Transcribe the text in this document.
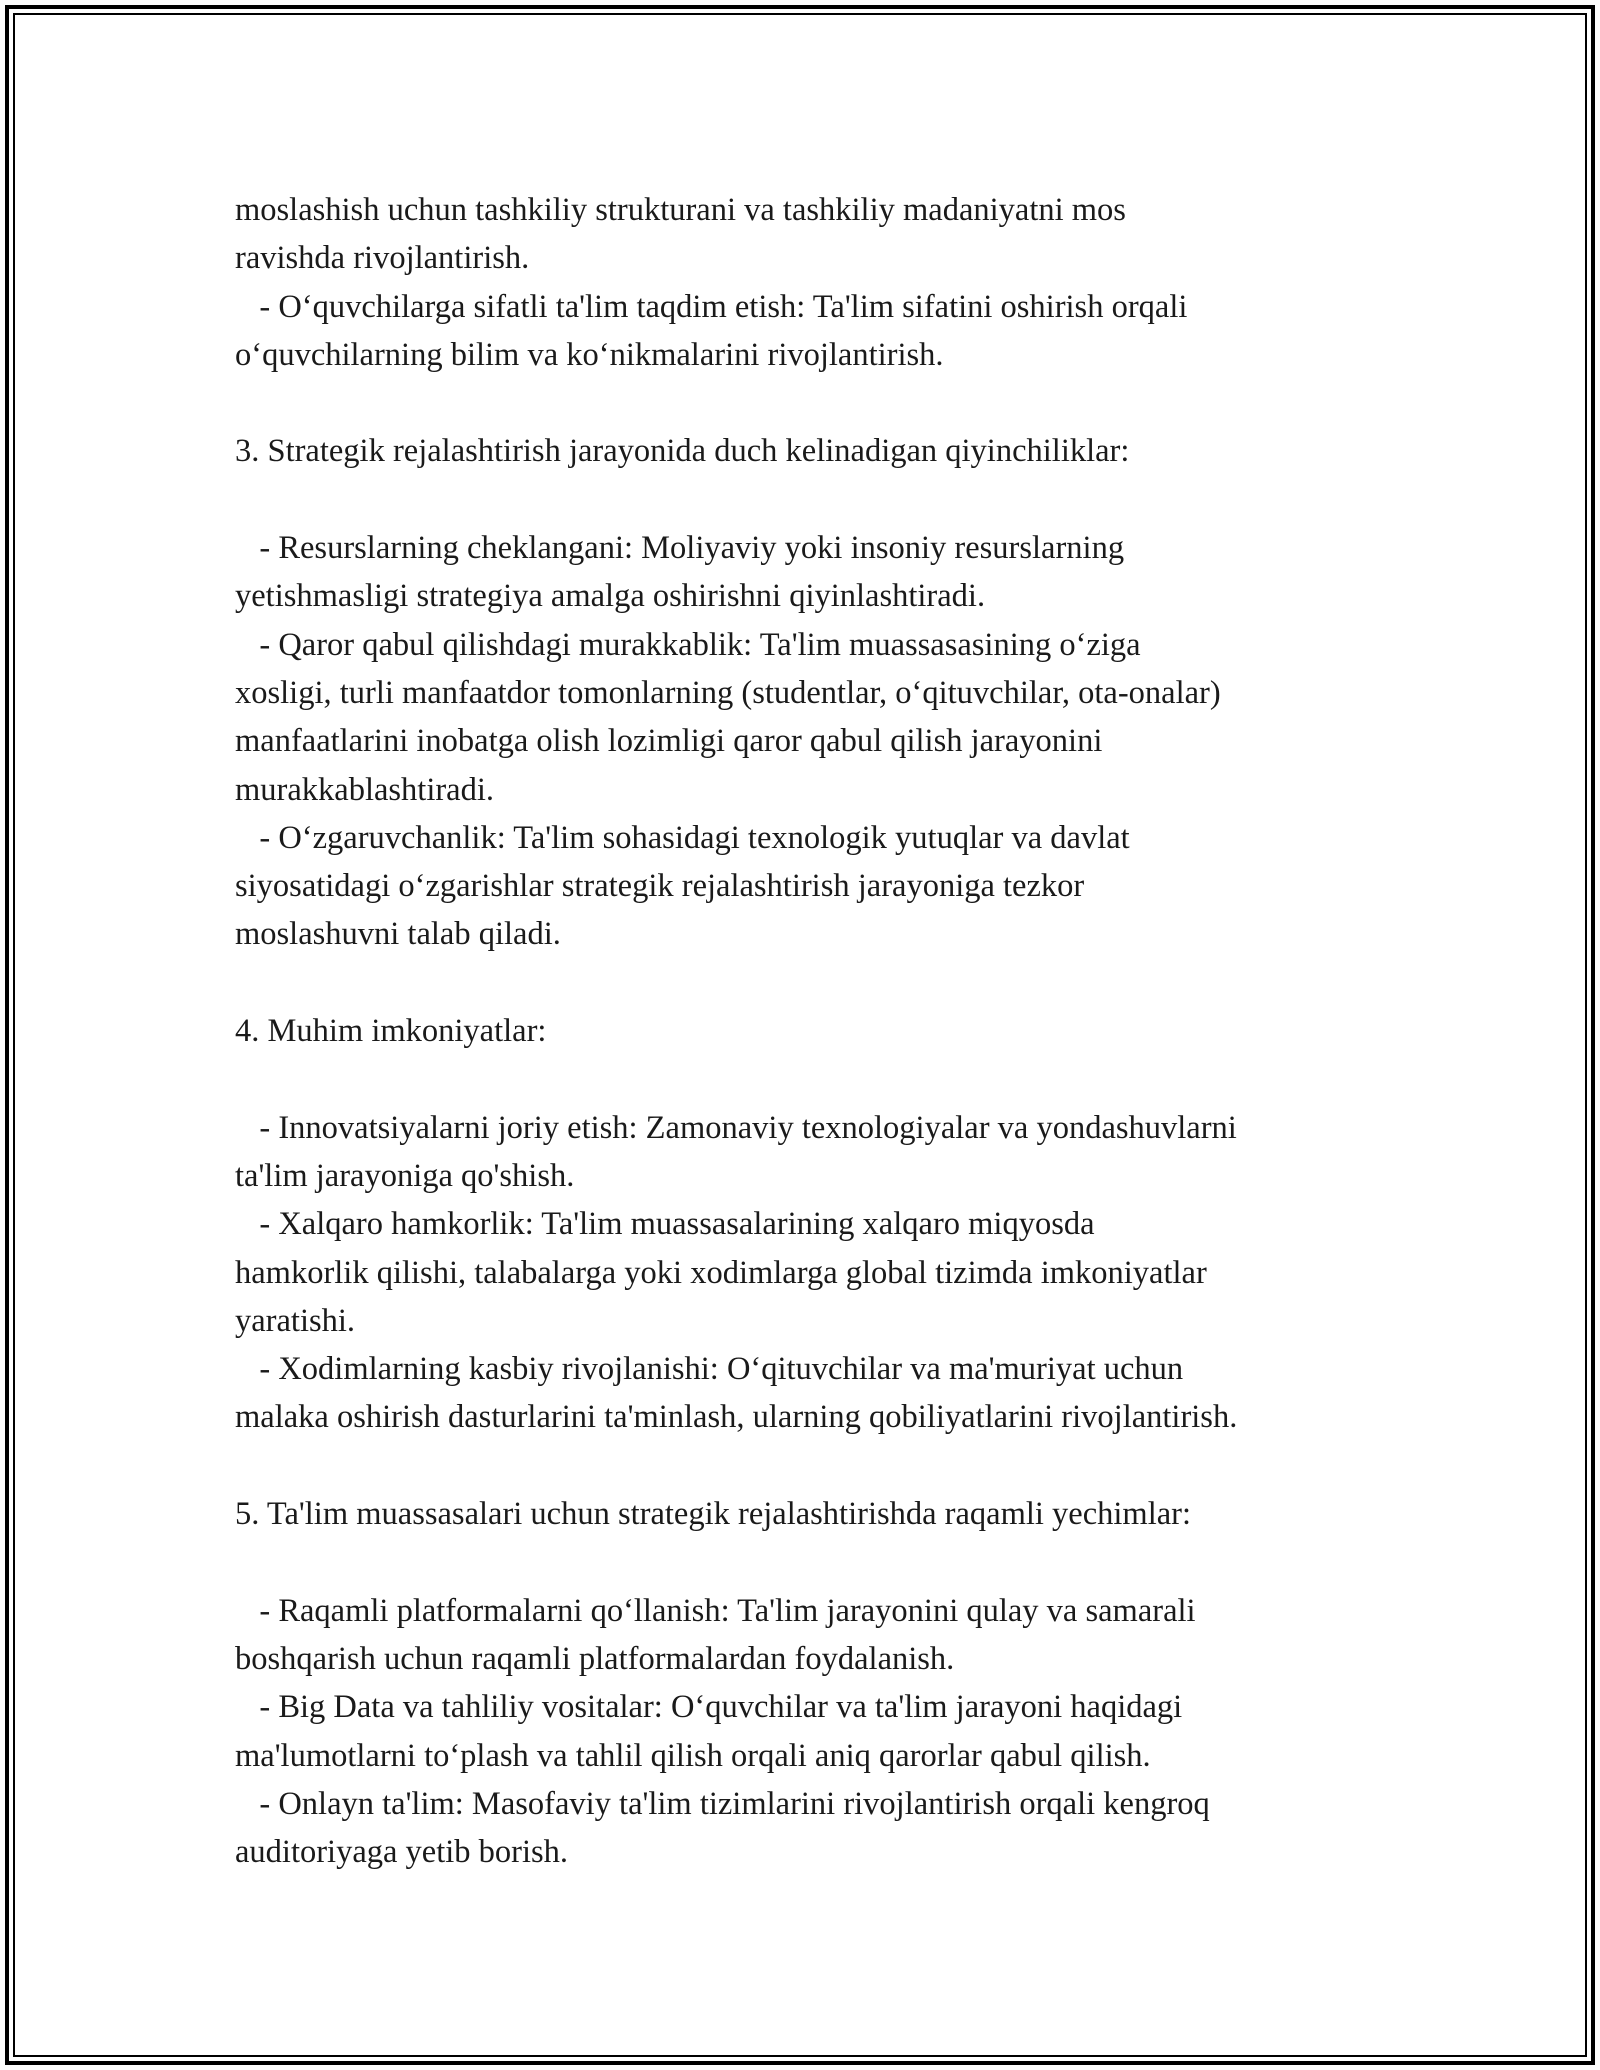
moslashish uchun tashkiliy strukturani va tashkiliy madaniyatni mos
ravishda rivojlantirish.
- Oʻquvchilarga sifatli ta'lim taqdim etish: Ta'lim sifatini oshirish orqali
oʻquvchilarning bilim va koʻnikmalarini rivojlantirish.
3. Strategik rejalashtirish jarayonida duch kelinadigan qiyinchiliklar:
- Resurslarning cheklangani: Moliyaviy yoki insoniy resurslarning
yetishmasligi strategiya amalga oshirishni qiyinlashtiradi.
- Qaror qabul qilishdagi murakkablik: Ta'lim muassasasining oʻziga
xosligi, turli manfaatdor tomonlarning (studentlar, oʻqituvchilar, ota-onalar)
manfaatlarini inobatga olish lozimligi qaror qabul qilish jarayonini
murakkablashtiradi.
- Oʻzgaruvchanlik: Ta'lim sohasidagi texnologik yutuqlar va davlat
siyosatidagi oʻzgarishlar strategik rejalashtirish jarayoniga tezkor
moslashuvni talab qiladi.
4. Muhim imkoniyatlar:
- Innovatsiyalarni joriy etish: Zamonaviy texnologiyalar va yondashuvlarni
ta'lim jarayoniga qo'shish.
- Xalqaro hamkorlik: Ta'lim muassasalarining xalqaro miqyosda
hamkorlik qilishi, talabalarga yoki xodimlarga global tizimda imkoniyatlar
yaratishi.
- Xodimlarning kasbiy rivojlanishi: Oʻqituvchilar va ma'muriyat uchun
malaka oshirish dasturlarini ta'minlash, ularning qobiliyatlarini rivojlantirish.
5. Ta'lim muassasalari uchun strategik rejalashtirishda raqamli yechimlar:
- Raqamli platformalarni qoʻllanish: Ta'lim jarayonini qulay va samarali
boshqarish uchun raqamli platformalardan foydalanish.
- Big Data va tahliliy vositalar: Oʻquvchilar va ta'lim jarayoni haqidagi
ma'lumotlarni toʻplash va tahlil qilish orqali aniq qarorlar qabul qilish.
- Onlayn ta'lim: Masofaviy ta'lim tizimlarini rivojlantirish orqali kengroq
auditoriyaga yetib borish.
